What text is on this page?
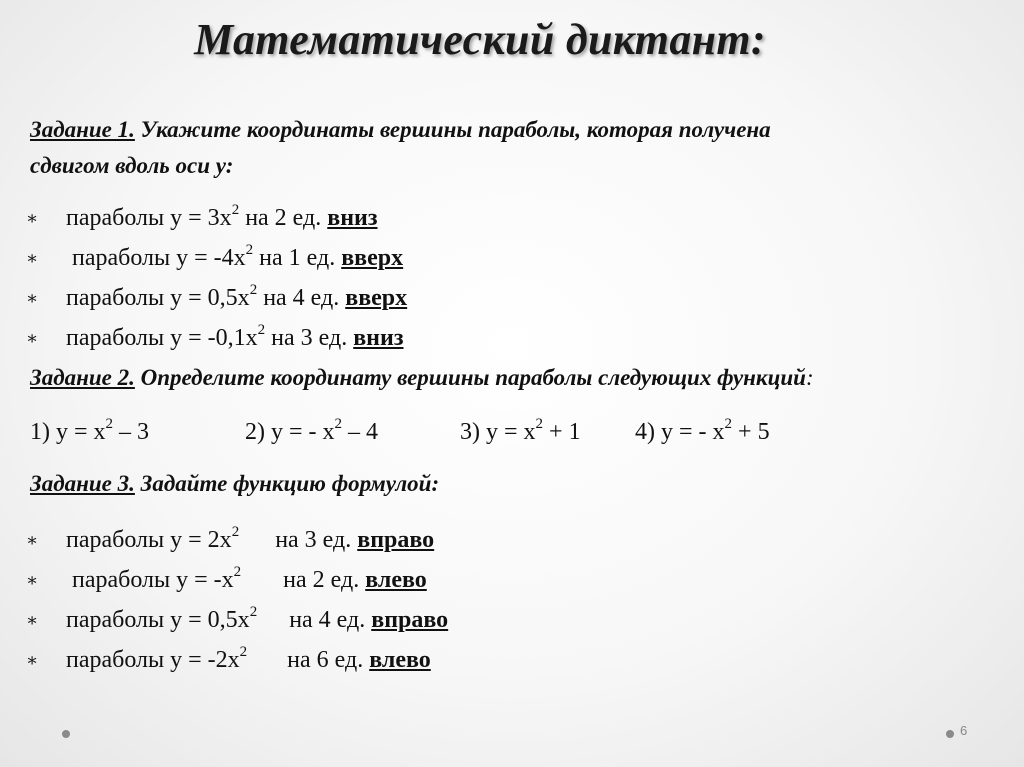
Математический диктант:
Задание 1. Укажите координаты вершины параболы, которая получена
сдвигом вдоль оси у:
∗ параболы $у = 3х^2$ на 2 ед. вниз
∗ параболы $у = -4х^2$ на 1 ед. вверх
∗ параболы $у = 0,5х^2$ на 4 ед. вверх
∗ параболы $у = -0,1х^2$ на 3 ед. вниз
Задание 2. Определите координату вершины параболы следующих функций:
1) $у = х^2 - 3$	2) у = - $х^2 - 4$	3) $у = х^2 + 1$ 4) у = - $х^2 + 5$
Задание 3. Задайте функцию формулой:
∗ параболы $у = 2х^2$ на 3 ед. вправо
∗ параболы $у = -х^2$ на 2 ед. влево
∗ параболы $у = 0,5х^2$ на 4 ед. вправо
∗ параболы $у = -2х^2$ на 6 ед. влево
6
